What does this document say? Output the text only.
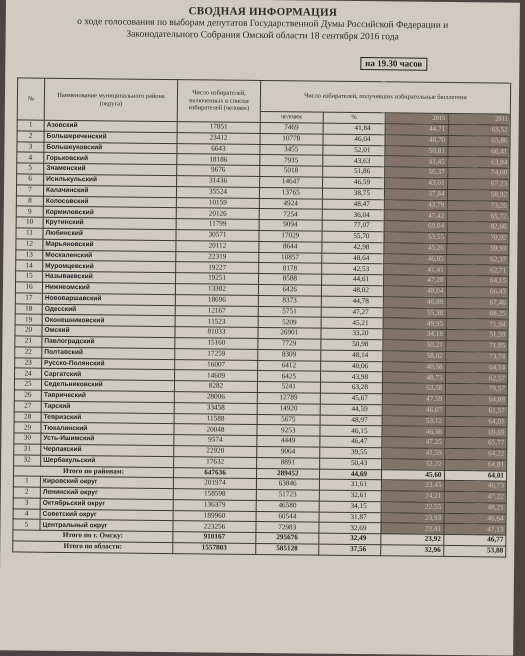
СВОДНАЯ ИНФОРМАЦИЯ
о ходе голосования по выборам депутатов Государственной Думы Российской Федерации и
Законодательного Собрания Омской области 18 сентября 2016 года
на 19.30 часов
№	Наименование муниципального района (округа)	Число избирателей, включенных в списки избирателей (человек)	Число избирателей, получивших избирательные бюллетени			
			человек	%	2015	2011
1	Азовский	17851	7469	41,84	44,71	63,52
2	Большереченский	23412	10778	46,04	48,70	65,86
3	Большеуковский	6643	3455	52,01	50,81	66,41
4	Горьковский	18186	7935	43,63	41,45	63,84
5	Знаменский	9676	5018	51,86	50,37	74,00
6	Исилькульский	31436	14647	46,59	43,01	67,23
7	Калачинский	35524	13765	38,75	37,84	58,92
8	Колосовский	10159	4924	48,47	43,79	73,26
9	Кормиловский	20126	7254	36,04	47,42	65,72
10	Крутинский	11799	9094	77,07	69,04	82,66
11	Любинский	30571	17029	55,70	53,55	70,92
12	Марьяновский	20112	8644	42,98	45,26	59,93
13	Москаленский	22319	10857	48,64	46,05	62,37
14	Муромцевский	19227	8178	42,53	41,41	62,71
15	Называевский	19251	8588	44,61	47,28	64,15
16	Нижнеомский	13382	6426	48,02	48,04	66,43
17	Нововаршавский	18696	8373	44,78	46,89	67,46
18	Одесский	12167	5751	47,27	55,38	68,25
19	Оконешниковский	11523	5209	45,21	49,95	71,94
20	Омский	81033	26901	33,20	34,18	51,59
21	Павлоградский	15160	7729	50,98	50,21	71,85
22	Полтавский	17259	8309	48,14	58,02	73,74
23	Русско-Полянский	16007	6412	40,06	40,58	64,14
24	Саргатский	14609	6425	43,98	48,73	62,57
25	Седельниковский	8282	5241	63,28	63,58	79,57
26	Таврический	28006	12789	45,67	47,59	64,09
27	Тарский	33458	14920	44,59	46,07	61,57
28	Тевризский	11588	5675	48,97	53,12	64,01
29	Тюкалинский	20048	9253	46,15	46,36	69,69
30	Усть-Ишимский	9574	4449	46,47	47,25	65,77
31	Черлакский	22920	9064	39,55	41,59	64,22
32	Шербакульский	17632	8891	50,43	52,22	64,81
Итого по районам:		647636	289452	44,69	45,60	64,01
1	Кировский округ	201974	63846	31,61	23,45	46,73
2	Ленинский округ	158598	51723	32,61	24,21	47,22
3	Октябрьский округ	136379	46580	34,15	22,55	48,21
4	Советский округ	189960	60544	31,87	23,93	46,64
5	Центральный округ	223256	72983	32,69	23,41	47,13
Итого по г. Омску:		910167	295676	32,49	23,92	46,77
Итого по области:		1557803	585128	37,56	32,96	53,88
